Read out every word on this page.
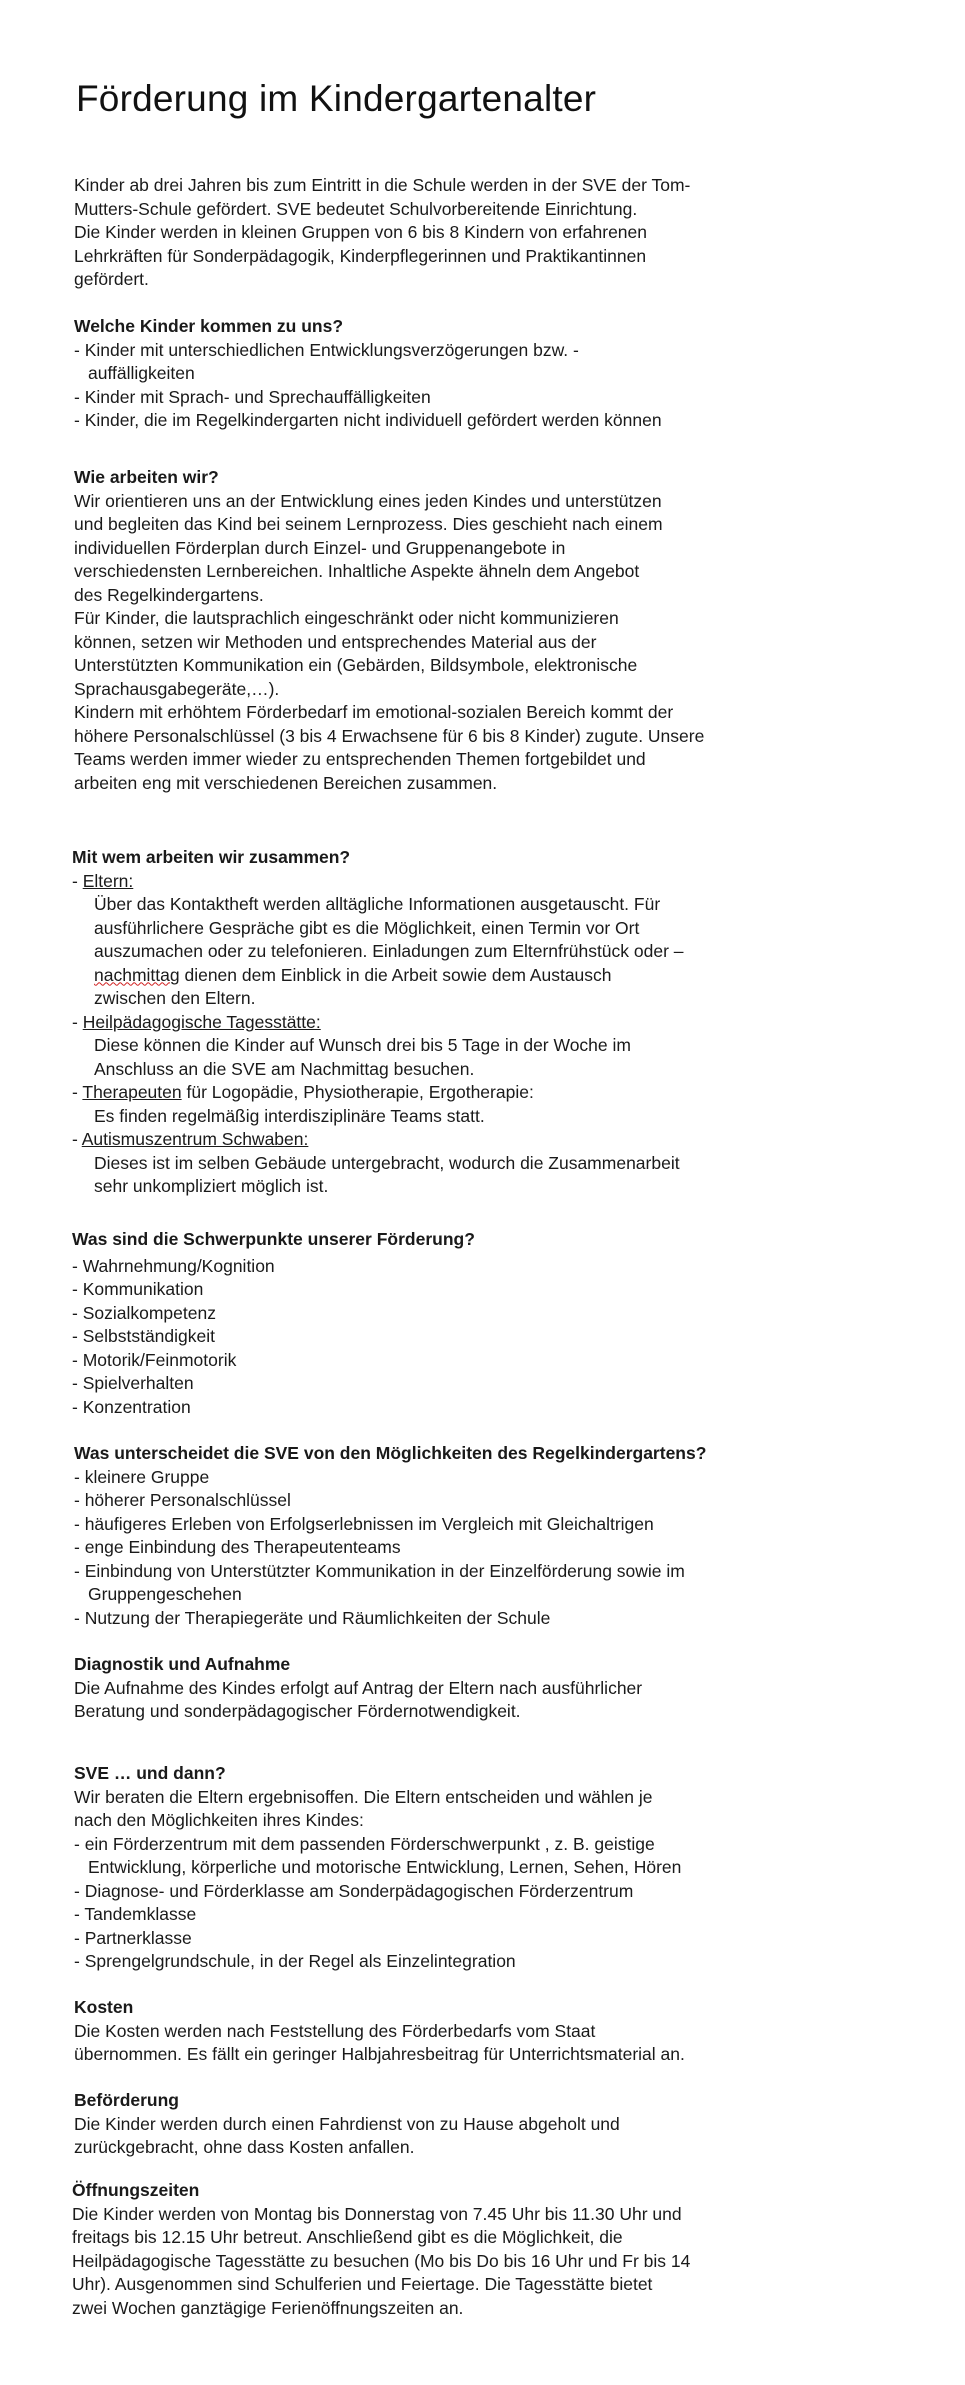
Förderung im Kindergartenalter
Kinder ab drei Jahren bis zum Eintritt in die Schule werden in der SVE der Tom-
Mutters-Schule gefördert. SVE bedeutet Schulvorbereitende Einrichtung.
Die Kinder werden in kleinen Gruppen von 6 bis 8 Kindern von erfahrenen
Lehrkräften für Sonderpädagogik, Kinderpflegerinnen und Praktikantinnen
gefördert.
Welche Kinder kommen zu uns?
- Kinder mit unterschiedlichen Entwicklungsverzögerungen bzw. -
auffälligkeiten
- Kinder mit Sprach- und Sprechauffälligkeiten
- Kinder, die im Regelkindergarten nicht individuell gefördert werden können
Wie arbeiten wir?
Wir orientieren uns an der Entwicklung eines jeden Kindes und unterstützen
und begleiten das Kind bei seinem Lernprozess. Dies geschieht nach einem
individuellen Förderplan durch Einzel- und Gruppenangebote in
verschiedensten Lernbereichen. Inhaltliche Aspekte ähneln dem Angebot
des Regelkindergartens.
Für Kinder, die lautsprachlich eingeschränkt oder nicht kommunizieren
können, setzen wir Methoden und entsprechendes Material aus der
Unterstützten Kommunikation ein (Gebärden, Bildsymbole, elektronische
Sprachausgabegeräte,…).
Kindern mit erhöhtem Förderbedarf im emotional-sozialen Bereich kommt der
höhere Personalschlüssel (3 bis 4 Erwachsene für 6 bis 8 Kinder) zugute. Unsere
Teams werden immer wieder zu entsprechenden Themen fortgebildet und
arbeiten eng mit verschiedenen Bereichen zusammen.
Mit wem arbeiten wir zusammen?
- Eltern:
Über das Kontaktheft werden alltägliche Informationen ausgetauscht. Für
ausführlichere Gespräche gibt es die Möglichkeit, einen Termin vor Ort
auszumachen oder zu telefonieren. Einladungen zum Elternfrühstück oder –
nachmittag dienen dem Einblick in die Arbeit sowie dem Austausch
zwischen den Eltern.
- Heilpädagogische Tagesstätte:
Diese können die Kinder auf Wunsch drei bis 5 Tage in der Woche im
Anschluss an die SVE am Nachmittag besuchen.
- Therapeuten für Logopädie, Physiotherapie, Ergotherapie:
Es finden regelmäßig interdisziplinäre Teams statt.
- Autismuszentrum Schwaben:
Dieses ist im selben Gebäude untergebracht, wodurch die Zusammenarbeit
sehr unkompliziert möglich ist.
Was sind die Schwerpunkte unserer Förderung?
- Wahrnehmung/Kognition
- Kommunikation
- Sozialkompetenz
- Selbstständigkeit
- Motorik/Feinmotorik
- Spielverhalten
- Konzentration
Was unterscheidet die SVE von den Möglichkeiten des Regelkindergartens?
- kleinere Gruppe
- höherer Personalschlüssel
- häufigeres Erleben von Erfolgserlebnissen im Vergleich mit Gleichaltrigen
- enge Einbindung des Therapeutenteams
- Einbindung von Unterstützter Kommunikation in der Einzelförderung sowie im
Gruppengeschehen
- Nutzung der Therapiegeräte und Räumlichkeiten der Schule
Diagnostik und Aufnahme
Die Aufnahme des Kindes erfolgt auf Antrag der Eltern nach ausführlicher
Beratung und sonderpädagogischer Fördernotwendigkeit.
SVE … und dann?
Wir beraten die Eltern ergebnisoffen. Die Eltern entscheiden und wählen je
nach den Möglichkeiten ihres Kindes:
- ein Förderzentrum mit dem passenden Förderschwerpunkt , z. B. geistige
Entwicklung, körperliche und motorische Entwicklung, Lernen, Sehen, Hören
- Diagnose- und Förderklasse am Sonderpädagogischen Förderzentrum
- Tandemklasse
- Partnerklasse
- Sprengelgrundschule, in der Regel als Einzelintegration
Kosten
Die Kosten werden nach Feststellung des Förderbedarfs vom Staat
übernommen. Es fällt ein geringer Halbjahresbeitrag für Unterrichtsmaterial an.
Beförderung
Die Kinder werden durch einen Fahrdienst von zu Hause abgeholt und
zurückgebracht, ohne dass Kosten anfallen.
Öffnungszeiten
Die Kinder werden von Montag bis Donnerstag von 7.45 Uhr bis 11.30 Uhr und
freitags bis 12.15 Uhr betreut. Anschließend gibt es die Möglichkeit, die
Heilpädagogische Tagesstätte zu besuchen (Mo bis Do bis 16 Uhr und Fr bis 14
Uhr). Ausgenommen sind Schulferien und Feiertage. Die Tagesstätte bietet
zwei Wochen ganztägige Ferienöffnungszeiten an.
